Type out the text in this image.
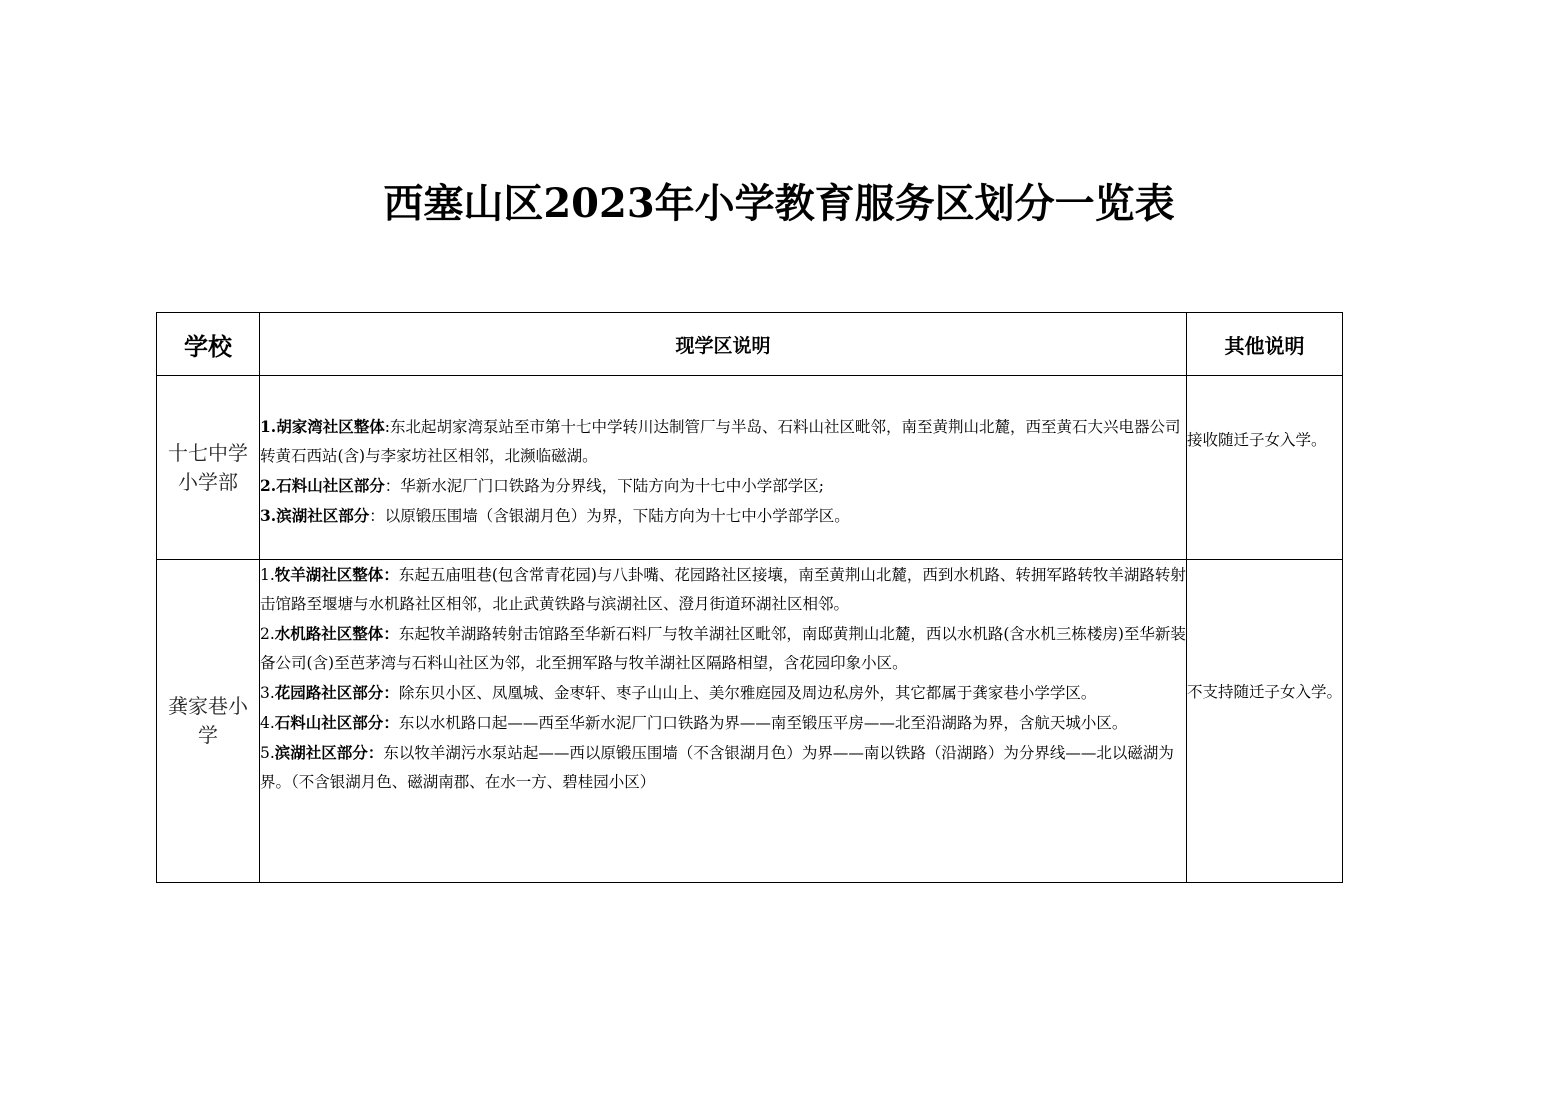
西塞山区2023年小学教育服务区划分一览表
学校	现学区说明	其他说明

十七中学
小学部	1.胡家湾社区整体:东北起胡家湾泵站至市第十七中学转川达制管厂与半岛、石料山社区毗邻，南至黄荆山北麓，西至黄石大兴电器公司转黄石西站(含)与李家坊社区相邻，北濒临磁湖。
2.石料山社区部分：华新水泥厂门口铁路为分界线，下陆方向为十七中小学部学区;
3.滨湖社区部分：以原锻压围墙（含银湖月色）为界，下陆方向为十七中小学部学区。	接收随迁子女入学。

龚家巷小
学	1.牧羊湖社区整体：东起五庙咀巷(包含常青花园)与八卦嘴、花园路社区接壤，南至黄荆山北麓，西到水机路、转拥军路转牧羊湖路转射击馆路至堰塘与水机路社区相邻，北止武黄铁路与滨湖社区、澄月街道环湖社区相邻。
2.水机路社区整体：东起牧羊湖路转射击馆路至华新石料厂与牧羊湖社区毗邻，南邸黄荆山北麓，西以水机路(含水机三栋楼房)至华新装备公司(含)至芭茅湾与石料山社区为邻，北至拥军路与牧羊湖社区隔路相望，含花园印象小区。
3.花园路社区部分：除东贝小区、凤凰城、金枣轩、枣子山山上、美尔雅庭园及周边私房外，其它都属于龚家巷小学学区。
4.石料山社区部分：东以水机路口起——西至华新水泥厂门口铁路为界——南至锻压平房——北至沿湖路为界，含航天城小区。
5.滨湖社区部分：东以牧羊湖污水泵站起——西以原锻压围墙（不含银湖月色）为界——南以铁路（沿湖路）为分界线——北以磁湖为界。（不含银湖月色、磁湖南郡、在水一方、碧桂园小区）	不支持随迁子女入学。
